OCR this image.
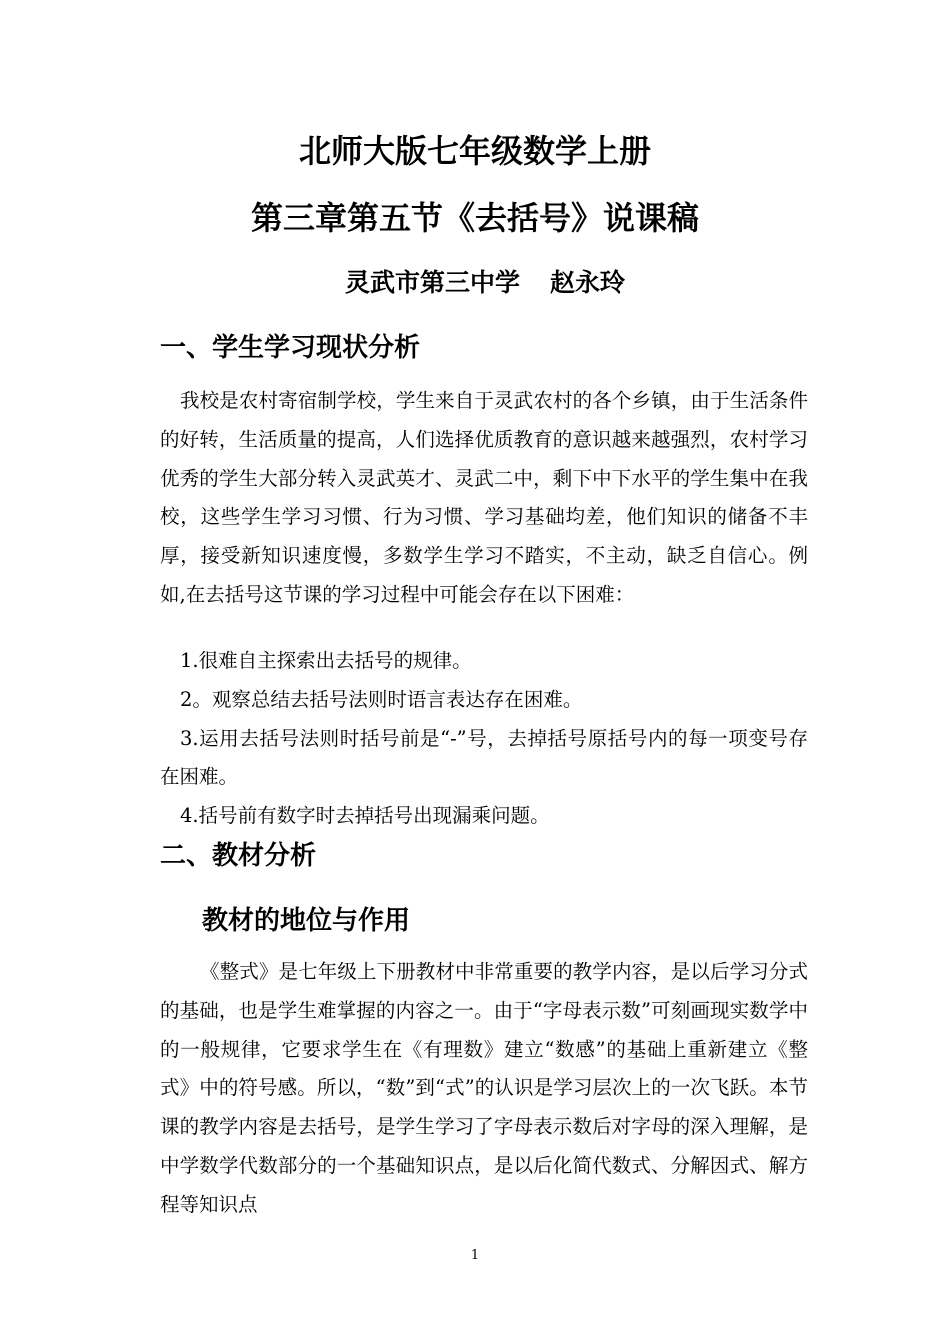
北师大版七年级数学上册
第三章第五节《去括号》说课稿
灵武市第三中学 赵永玲
一、学生学习现状分析

我校是农村寄宿制学校，学生来自于灵武农村的各个乡镇，由于生活条件的好转，生活质量的提高，人们选择优质教育的意识越来越强烈，农村学习优秀的学生大部分转入灵武英才、灵武二中，剩下中下水平的学生集中在我校，这些学生学习习惯、行为习惯、学习基础均差，他们知识的储备不丰厚，接受新知识速度慢，多数学生学习不踏实，不主动，缺乏自信心。例如,在去括号这节课的学习过程中可能会存在以下困难：

1.很难自主探索出去括号的规律。
2。观察总结去括号法则时语言表达存在困难。
3.运用去括号法则时括号前是“-”号，去掉括号原括号内的每一项变号存在困难。
4.括号前有数字时去掉括号出现漏乘问题。
二、教材分析
教材的地位与作用

《整式》是七年级上下册教材中非常重要的教学内容，是以后学习分式的基础，也是学生难掌握的内容之一。由于“字母表示数”可刻画现实数学中的一般规律，它要求学生在《有理数》建立“数感”的基础上重新建立《整式》中的符号感。所以，“数”到“式”的认识是学习层次上的一次飞跃。本节课的教学内容是去括号，是学生学习了字母表示数后对字母的深入理解，是中学数学代数部分的一个基础知识点，是以后化简代数式、分解因式、解方程等知识点

1
